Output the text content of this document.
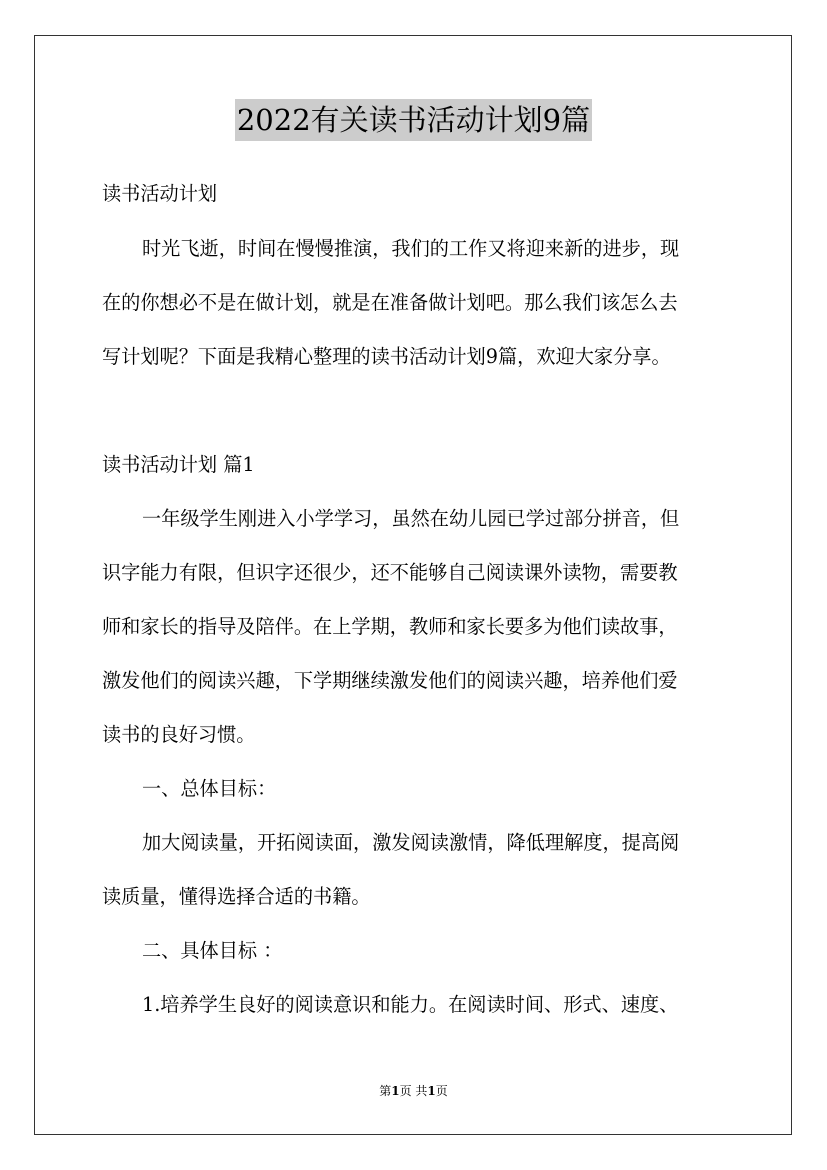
2022有关读书活动计划9篇
读书活动计划
时光飞逝，时间在慢慢推演，我们的工作又将迎来新的进步，现
在的你想必不是在做计划，就是在准备做计划吧。那么我们该怎么去
写计划呢？下面是我精心整理的读书活动计划9篇，欢迎大家分享。
读书活动计划 篇1
一年级学生刚进入小学学习，虽然在幼儿园已学过部分拼音，但
识字能力有限，但识字还很少，还不能够自己阅读课外读物，需要教
师和家长的指导及陪伴。在上学期，教师和家长要多为他们读故事，
激发他们的阅读兴趣，下学期继续激发他们的阅读兴趣，培养他们爱
读书的良好习惯。
一、总体目标：
加大阅读量，开拓阅读面，激发阅读激情，降低理解度，提高阅
读质量，懂得选择合适的书籍。
二、具体目标 ：
1.培养学生良好的阅读意识和能力。在阅读时间、形式、速度、
第1页 共1页
